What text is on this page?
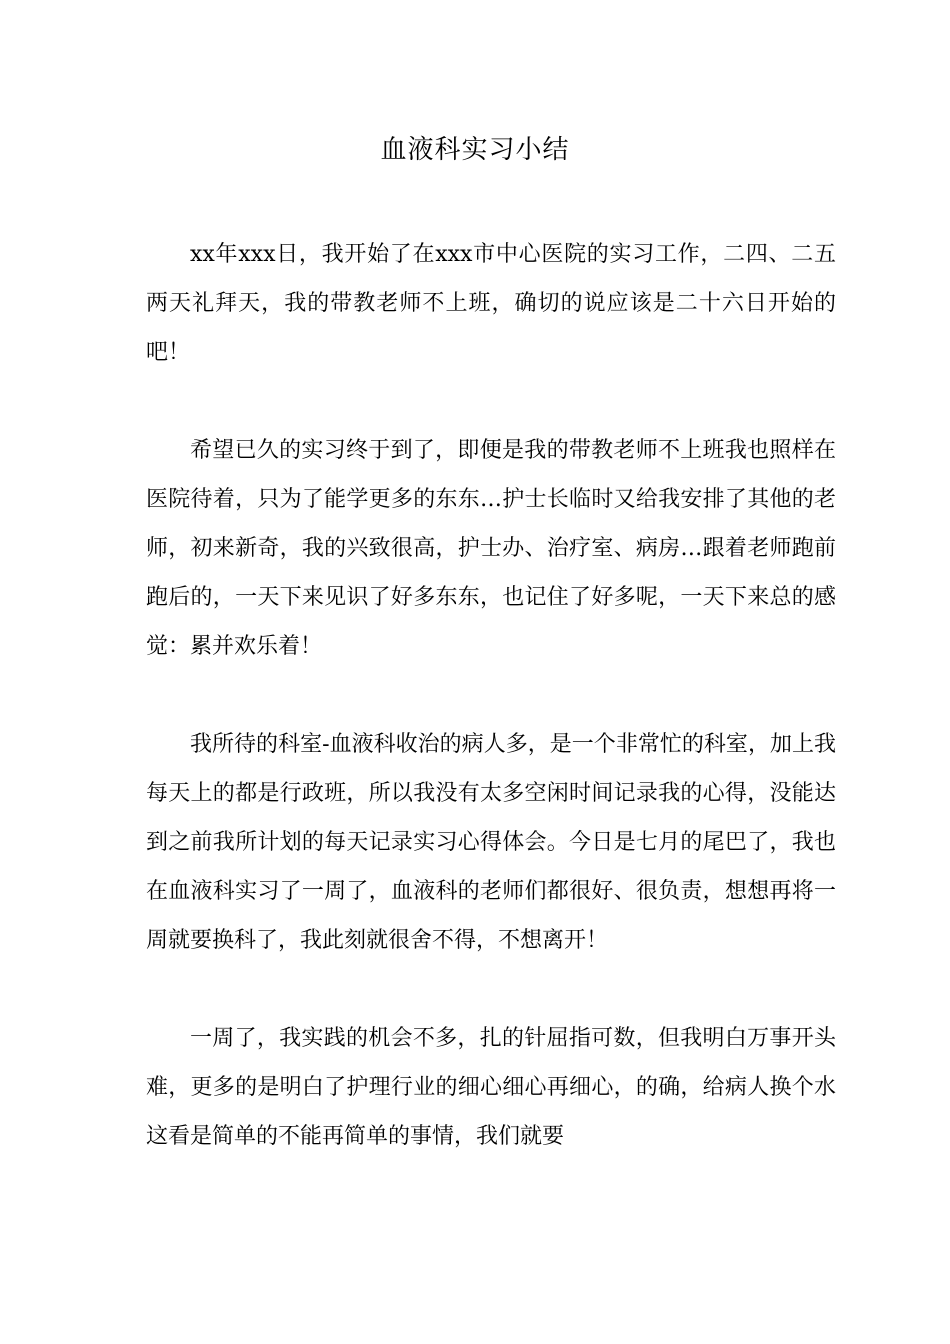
血液科实习小结

xx年xxx日，我开始了在xxx市中心医院的实习工作，二四、二五两天礼拜天，我的带教老师不上班，确切的说应该是二十六日开始的吧！

希望已久的实习终于到了，即便是我的带教老师不上班我也照样在医院待着，只为了能学更多的东东…护士长临时又给我安排了其他的老师，初来新奇，我的兴致很高，护士办、治疗室、病房…跟着老师跑前跑后的，一天下来见识了好多东东，也记住了好多呢，一天下来总的感觉：累并欢乐着！

我所待的科室-血液科收治的病人多，是一个非常忙的科室，加上我每天上的都是行政班，所以我没有太多空闲时间记录我的心得，没能达到之前我所计划的每天记录实习心得体会。今日是七月的尾巴了，我也在血液科实习了一周了，血液科的老师们都很好、很负责，想想再将一周就要换科了，我此刻就很舍不得，不想离开！

一周了，我实践的机会不多，扎的针屈指可数，但我明白万事开头难，更多的是明白了护理行业的细心细心再细心，的确，给病人换个水这看是简单的不能再简单的事情，我们就要
